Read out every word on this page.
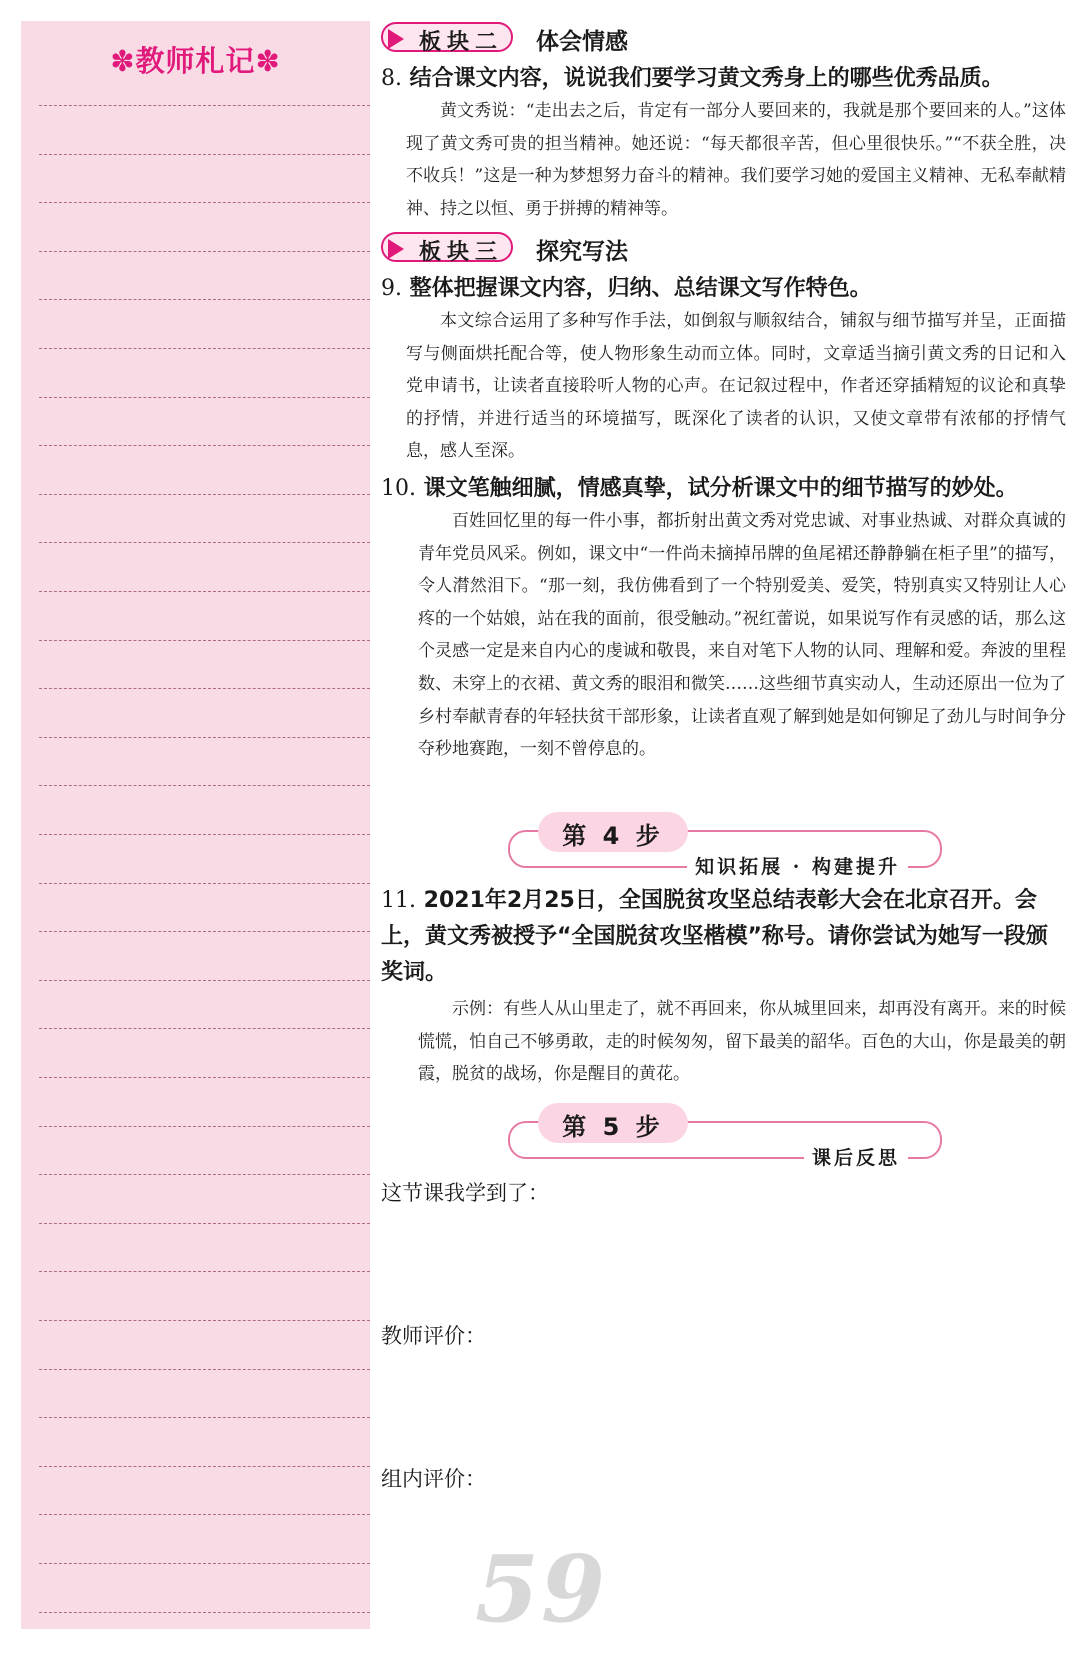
✽教师札记✽
板块二 体会情感
8. 结合课文内容，说说我们要学习黄文秀身上的哪些优秀品质。
黄文秀说：“走出去之后，肯定有一部分人要回来的，我就是那个要回来的人。”这体现了黄文秀可贵的担当精神。她还说：“每天都很辛苦，但心里很快乐。”“不获全胜，决不收兵！”这是一种为梦想努力奋斗的精神。我们要学习她的爱国主义精神、无私奉献精神、持之以恒、勇于拼搏的精神等。
板块三 探究写法
9. 整体把握课文内容，归纳、总结课文写作特色。
本文综合运用了多种写作手法，如倒叙与顺叙结合，铺叙与细节描写并呈，正面描写与侧面烘托配合等，使人物形象生动而立体。同时，文章适当摘引黄文秀的日记和入党申请书，让读者直接聆听人物的心声。在记叙过程中，作者还穿插精短的议论和真挚的抒情，并进行适当的环境描写，既深化了读者的认识，又使文章带有浓郁的抒情气息，感人至深。
10. 课文笔触细腻，情感真挚，试分析课文中的细节描写的妙处。
百姓回忆里的每一件小事，都折射出黄文秀对党忠诚、对事业热诚、对群众真诚的青年党员风采。例如，课文中“一件尚未摘掉吊牌的鱼尾裙还静静躺在柜子里”的描写，令人潸然泪下。“那一刻，我仿佛看到了一个特别爱美、爱笑，特别真实又特别让人心疼的一个姑娘，站在我的面前，很受触动。”祝红蕾说，如果说写作有灵感的话，那么这个灵感一定是来自内心的虔诚和敬畏，来自对笔下人物的认同、理解和爱。奔波的里程数、未穿上的衣裙、黄文秀的眼泪和微笑……这些细节真实动人，生动还原出一位为了乡村奉献青春的年轻扶贫干部形象，让读者直观了解到她是如何铆足了劲儿与时间争分夺秒地赛跑，一刻不曾停息的。
第 4 步
知识拓展 · 构建提升
11. 2021年2月25日，全国脱贫攻坚总结表彰大会在北京召开。会上，黄文秀被授予“全国脱贫攻坚楷模”称号。请你尝试为她写一段颁奖词。
示例：有些人从山里走了，就不再回来，你从城里回来，却再没有离开。来的时候慌慌，怕自己不够勇敢，走的时候匆匆，留下最美的韶华。百色的大山，你是最美的朝霞，脱贫的战场，你是醒目的黄花。
第 5 步
课后反思
这节课我学到了：
教师评价：
组内评价：
59
